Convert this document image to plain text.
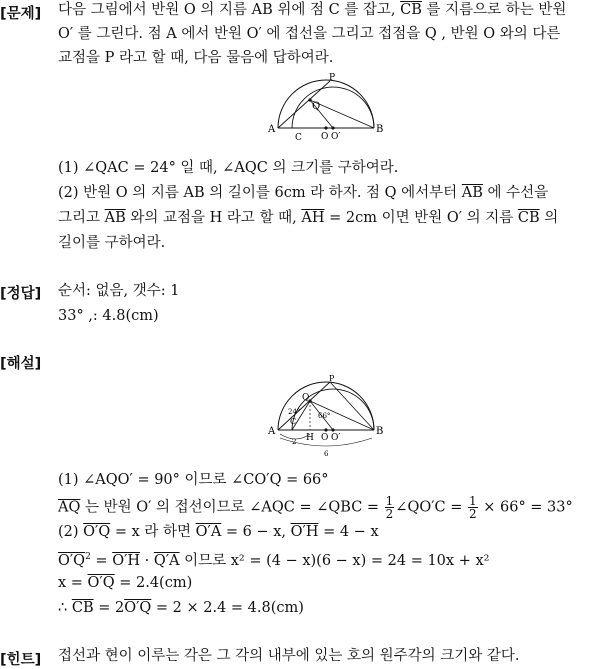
[문제] 다음 그림에서 반원 O 의 지름 AB 위에 점 C 를 잡고, $\overline{CB}$ 를 지름으로 하는 반원
O′ 를 그린다. 점 A 에서 반원 O′ 에 접선을 그리고 접점을 Q , 반원 O 와의 다른
교점을 P 라고 할 때, 다음 물음에 답하여라.
A	B
C O O′
P
Q
(1) ∠QAC = 24° 일 때, ∠AQC 의 크기를 구하여라.
(2) 반원 O 의 지름 AB 의 길이를 6cm 라 하자. 점 Q 에서부터 $\overline{AB}$ 에 수선을
그리고 $\overline{AB}$ 와의 교점을 H 라고 할 때, $\overline{AH} = 2cm$ 이면 반원 O′ 의 지름 $\overline{CB}$ 의
길이를 구하여라.
[정답] 순서: 없음, 갯수: 1
33° ,: 4.8(cm)
[해설]
A	B
C
H O O′
P
Q
2
6
24°	66°
(1) ∠AQO′ = 90° 이므로 ∠CO′Q = 66°
$\overline{AQ}$ 는 반원 O′ 의 접선이므로 ∠AQC = ∠QBC = $\frac{1}{2}$ ∠QO′C = $\frac{1}{2} \times 66^\circ = 33^\circ$
(2) O′Q = x 라 하면 O′A = 6 − x, O′H = 4 − x
$O'Q^2 = O'H \cdot Q'A$ 이므로 x² = (4 − x)(6 − x) = 24 = 10x + x²
x = O′Q = 2.4(cm)
∴ $\overline{CB} = 2O'Q = 2 \times 2.4 = 4.8(cm)$
[힌트] 접선과 현이 이루는 각은 그 각의 내부에 있는 호의 원주각의 크기와 같다.
